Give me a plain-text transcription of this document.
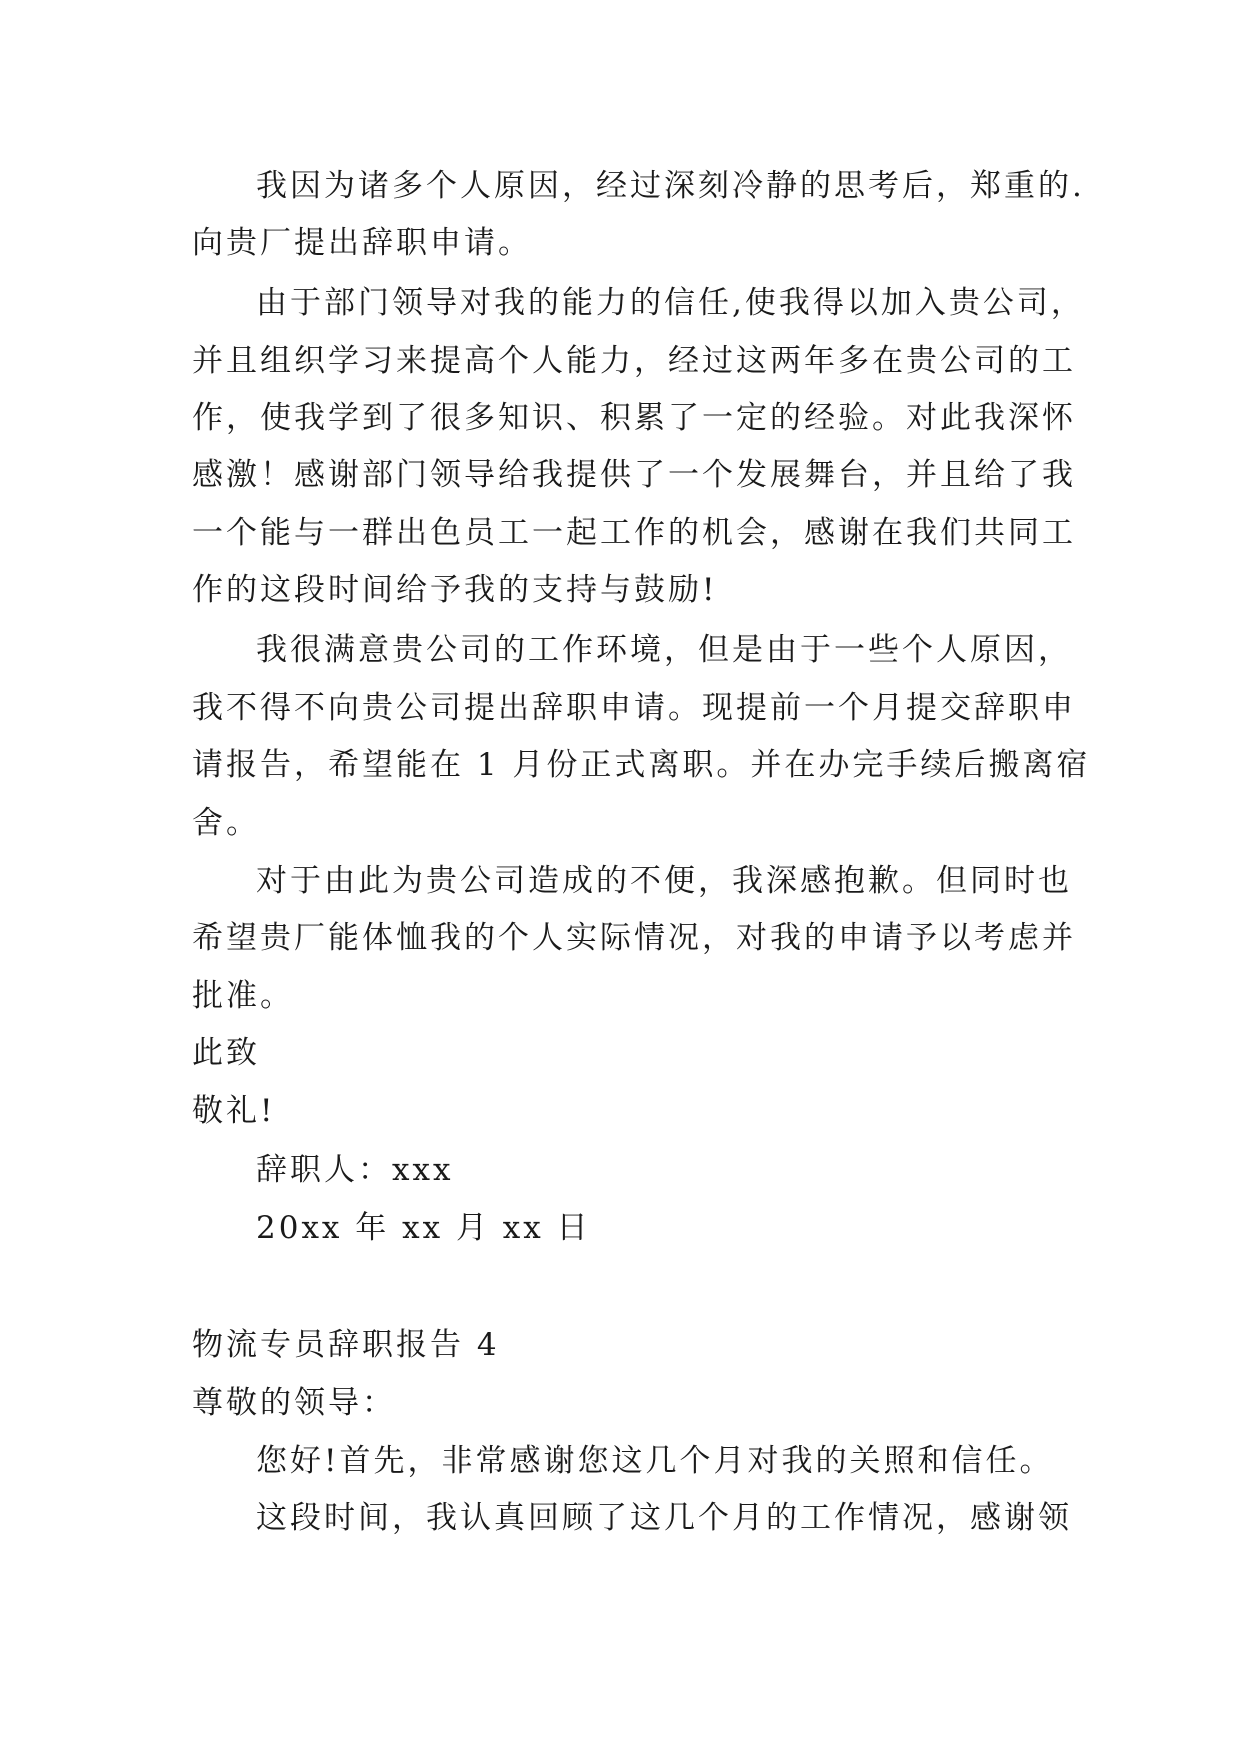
我因为诸多个人原因，经过深刻冷静的思考后，郑重的.
向贵厂提出辞职申请。
由于部门领导对我的能力的信任,使我得以加入贵公司，
并且组织学习来提高个人能力，经过这两年多在贵公司的工
作，使我学到了很多知识、积累了一定的经验。对此我深怀
感激！感谢部门领导给我提供了一个发展舞台，并且给了我
一个能与一群出色员工一起工作的机会，感谢在我们共同工
作的这段时间给予我的支持与鼓励!
我很满意贵公司的工作环境，但是由于一些个人原因，
我不得不向贵公司提出辞职申请。现提前一个月提交辞职申
请报告，希望能在 1 月份正式离职。并在办完手续后搬离宿
舍。
对于由此为贵公司造成的不便，我深感抱歉。但同时也
希望贵厂能体恤我的个人实际情况，对我的申请予以考虑并
批准。
此致
敬礼!
辞职人：xxx
20xx 年 xx 月 xx 日
物流专员辞职报告 4
尊敬的领导：
您好!首先，非常感谢您这几个月对我的关照和信任。
这段时间，我认真回顾了这几个月的工作情况，感谢领
